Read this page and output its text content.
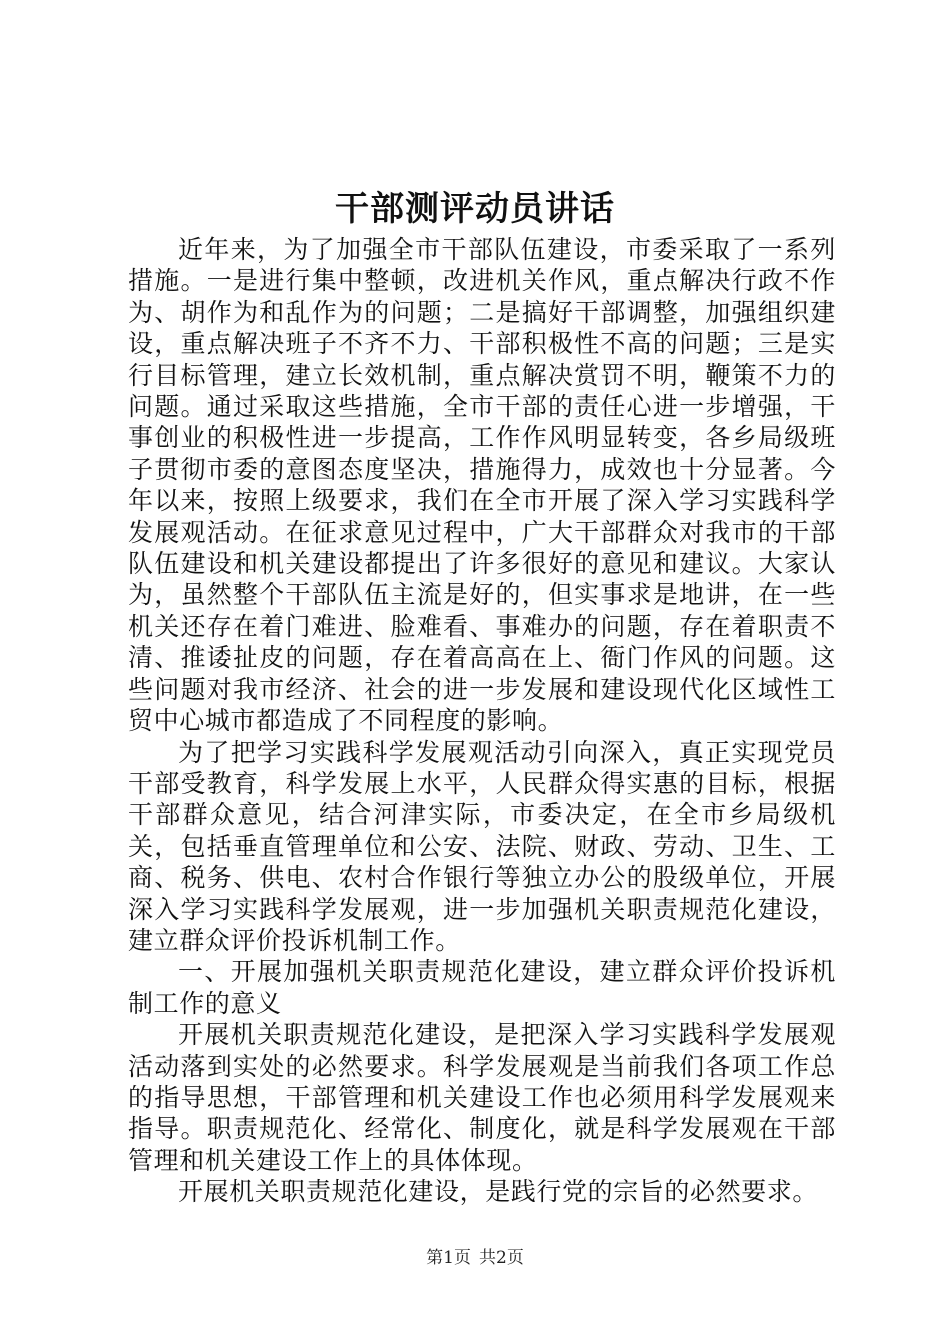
干部测评动员讲话

近年来，为了加强全市干部队伍建设，市委采取了一系列措施。一是进行集中整顿，改进机关作风，重点解决行政不作为、胡作为和乱作为的问题；二是搞好干部调整，加强组织建设，重点解决班子不齐不力、干部积极性不高的问题；三是实行目标管理，建立长效机制，重点解决赏罚不明，鞭策不力的问题。通过采取这些措施，全市干部的责任心进一步增强，干事创业的积极性进一步提高，工作作风明显转变，各乡局级班子贯彻市委的意图态度坚决，措施得力，成效也十分显著。今年以来，按照上级要求，我们在全市开展了深入学习实践科学发展观活动。在征求意见过程中，广大干部群众对我市的干部队伍建设和机关建设都提出了许多很好的意见和建议。大家认为，虽然整个干部队伍主流是好的，但实事求是地讲，在一些机关还存在着门难进、脸难看、事难办的问题，存在着职责不清、推诿扯皮的问题，存在着高高在上、衙门作风的问题。这些问题对我市经济、社会的进一步发展和建设现代化区域性工贸中心城市都造成了不同程度的影响。

为了把学习实践科学发展观活动引向深入，真正实现党员干部受教育，科学发展上水平，人民群众得实惠的目标，根据干部群众意见，结合河津实际，市委决定，在全市乡局级机关，包括垂直管理单位和公安、法院、财政、劳动、卫生、工商、税务、供电、农村合作银行等独立办公的股级单位，开展深入学习实践科学发展观，进一步加强机关职责规范化建设，建立群众评价投诉机制工作。

一、开展加强机关职责规范化建设，建立群众评价投诉机制工作的意义

开展机关职责规范化建设，是把深入学习实践科学发展观活动落到实处的必然要求。科学发展观是当前我们各项工作总的指导思想，干部管理和机关建设工作也必须用科学发展观来指导。职责规范化、经常化、制度化，就是科学发展观在干部管理和机关建设工作上的具体体现。

开展机关职责规范化建设，是践行党的宗旨的必然要求。

第1页 共2页
